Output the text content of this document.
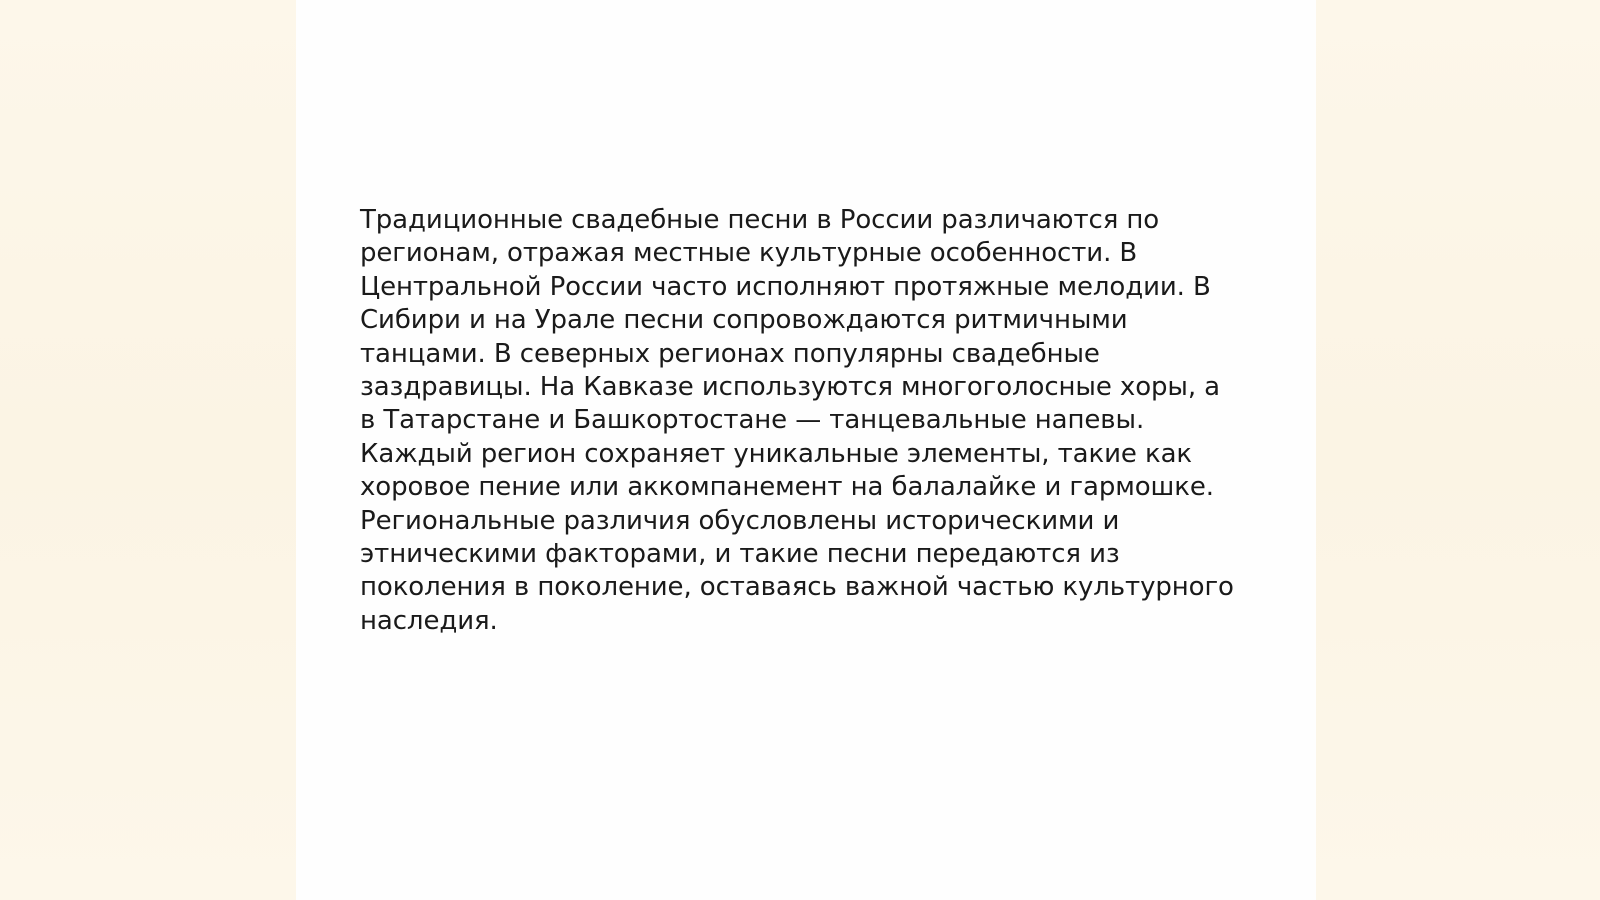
Традиционные свадебные песни в России различаются по
регионам, отражая местные культурные особенности. В
Центральной России часто исполняют протяжные мелодии. В
Сибири и на Урале песни сопровождаются ритмичными
танцами. В северных регионах популярны свадебные
заздравицы. На Кавказе используются многоголосные хоры, а
в Татарстане и Башкортостане — танцевальные напевы.
Каждый регион сохраняет уникальные элементы, такие как
хоровое пение или аккомпанемент на балалайке и гармошке.
Региональные различия обусловлены историческими и
этническими факторами, и такие песни передаются из
поколения в поколение, оставаясь важной частью культурного
наследия.
